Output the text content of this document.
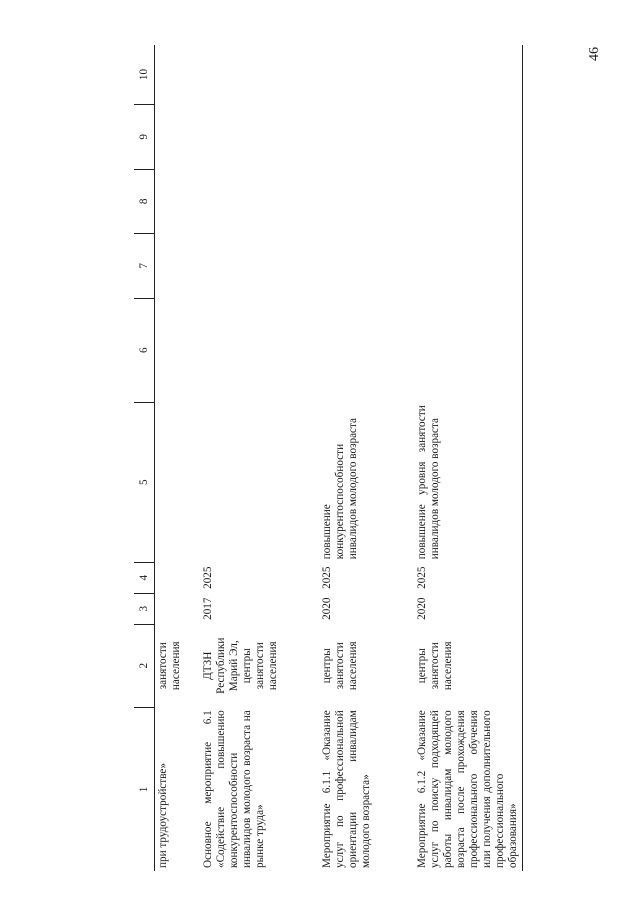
46
1	2	3	4	5	6	7	8	9	10
при трудоустройстве»	занятости населения								
Основное мероприятие 6.1 «Содействие повышению конкурентоспособности инвалидов молодого возраста на рынке труда»	ДТЗН Республики Марий Эл, центры занятости населения	2017	2025						
Мероприятие 6.1.1 «Оказание услуг по профессиональной ориентации инвалидам молодого возраста»	центры занятости населения	2020	2025	повышение конкурентоспособности инвалидов молодого возраста					
Мероприятие 6.1.2 «Оказание услуг по поиску подходящей работы инвалидам молодого возраста после прохождения профессионального обучения или получения дополнительного профессионального образования»	центры занятости населения	2020	2025	повышение уровня занятости инвалидов молодого возраста					
